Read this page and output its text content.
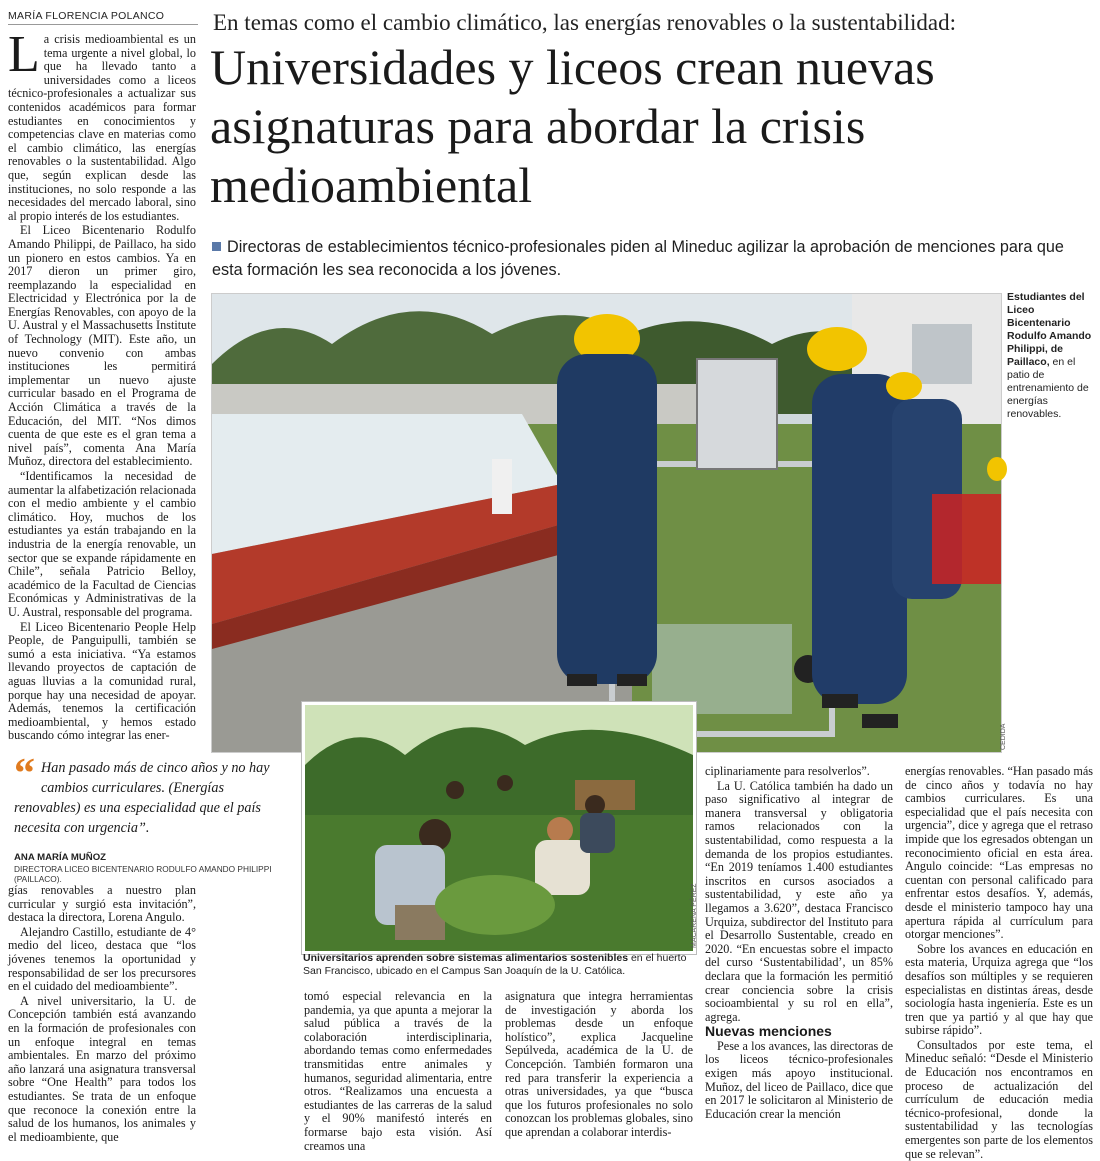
MARÍA FLORENCIA POLANCO

La crisis medioambiental es un tema urgente a nivel global, lo que ha llevado tanto a universidades como a liceos técnico-profesionales a actualizar sus contenidos académicos para formar estudiantes en conocimientos y competencias clave en materias como el cambio climático, las energías renovables o la sustentabilidad. Algo que, según explican desde las instituciones, no solo responde a las necesidades del mercado laboral, sino al propio interés de los estudiantes.

El Liceo Bicentenario Rodulfo Amando Philippi, de Paillaco, ha sido un pionero en estos cambios. Ya en 2017 dieron un primer giro, reemplazando la especialidad en Electricidad y Electrónica por la de Energías Renovables, con apoyo de la U. Austral y el Massachusetts Institute of Technology (MIT). Este año, un nuevo convenio con ambas instituciones les permitirá implementar un nuevo ajuste curricular basado en el Programa de Acción Climática a través de la Educación, del MIT. “Nos dimos cuenta de que este es el gran tema a nivel país”, comenta Ana María Muñoz, directora del establecimiento.

“Identificamos la necesidad de aumentar la alfabetización relacionada con el medio ambiente y el cambio climático. Hoy, muchos de los estudiantes ya están trabajando en la industria de la energía renovable, un sector que se expande rápidamente en Chile”, señala Patricio Belloy, académico de la Facultad de Ciencias Económicas y Administrativas de la U. Austral, responsable del programa.

El Liceo Bicentenario People Help People, de Panguipulli, también se sumó a esta iniciativa. “Ya estamos llevando proyectos de captación de aguas lluvias a la comunidad rural, porque hay una necesidad de apoyar. Además, tenemos la certificación medioambiental, y hemos estado buscando cómo integrar las ener-

En temas como el cambio climático, las energías renovables o la sustentabilidad:
Universidades y liceos crean nuevas asignaturas para abordar la crisis medioambiental
Directoras de establecimientos técnico-profesionales piden al Mineduc agilizar la aprobación de menciones para que esta formación les sea reconocida a los jóvenes.
CEDIDA
Estudiantes del Liceo Bicentenario Rodulfo Amando Philippi, de Paillaco, en el patio de entrenamiento de energías renovables.
MACARENA PÉREZ
Universitarios aprenden sobre sistemas alimentarios sostenibles en el huerto San Francisco, ubicado en el Campus San Joaquín de la U. Católica.
“ Han pasado más de cinco años y no hay cambios curriculares. (Energías renovables) es una especialidad que el país necesita con urgencia”.
ANA MARÍA MUÑOZ
DIRECTORA LICEO BICENTENARIO RODULFO AMANDO PHILIPPI (PAILLACO).

gías renovables a nuestro plan curricular y surgió esta invitación”, destaca la directora, Lorena Angulo.

Alejandro Castillo, estudiante de 4° medio del liceo, destaca que “los jóvenes tenemos la oportunidad y responsabilidad de ser los precursores en el cuidado del medioambiente”.

A nivel universitario, la U. de Concepción también está avanzando en la formación de profesionales con un enfoque integral en temas ambientales. En marzo del próximo año lanzará una asignatura transversal sobre “One Health” para todos los estudiantes. Se trata de un enfoque que reconoce la conexión entre la salud de los humanos, los animales y el medioambiente, que

tomó especial relevancia en la pandemia, ya que apunta a mejorar la salud pública a través de la colaboración interdisciplinaria, abordando temas como enfermedades transmitidas entre animales y humanos, seguridad alimentaria, entre otros. “Realizamos una encuesta a estudiantes de las carreras de la salud y el 90% manifestó interés en formarse bajo esta visión. Así creamos una

asignatura que integra herramientas de investigación y aborda los problemas desde un enfoque holístico”, explica Jacqueline Sepúlveda, académica de la U. de Concepción. También formaron una red para transferir la experiencia a otras universidades, ya que “busca que los futuros profesionales no solo conozcan los problemas globales, sino que aprendan a colaborar interdis-

ciplinariamente para resolverlos”.

La U. Católica también ha dado un paso significativo al integrar de manera transversal y obligatoria ramos relacionados con la sustentabilidad, como respuesta a la demanda de los propios estudiantes. “En 2019 teníamos 1.400 estudiantes inscritos en cursos asociados a sustentabilidad, y este año ya llegamos a 3.620”, destaca Francisco Urquiza, subdirector del Instituto para el Desarrollo Sustentable, creado en 2020. “En encuestas sobre el impacto del curso ‘Sustentabilidad’, un 85% declara que la formación les permitió crear conciencia sobre la crisis socioambiental y su rol en ella”, agrega.

Nuevas menciones

Pese a los avances, las directoras de los liceos técnico-profesionales exigen más apoyo institucional. Muñoz, del liceo de Paillaco, dice que en 2017 le solicitaron al Ministerio de Educación crear la mención

energías renovables. “Han pasado más de cinco años y todavía no hay cambios curriculares. Es una especialidad que el país necesita con urgencia”, dice y agrega que el retraso impide que los egresados obtengan un reconocimiento oficial en esta área. Angulo coincide: “Las empresas no cuentan con personal calificado para enfrentar estos desafíos. Y, además, desde el ministerio tampoco hay una apertura rápida al currículum para otorgar menciones”.

Sobre los avances en educación en esta materia, Urquiza agrega que “los desafíos son múltiples y se requieren especialistas en distintas áreas, desde sociología hasta ingeniería. Este es un tren que ya partió y al que hay que subirse rápido”.

Consultados por este tema, el Mineduc señaló: “Desde el Ministerio de Educación nos encontramos en proceso de actualización del currículum de educación media técnico-profesional, donde la sustentabilidad y las tecnologías emergentes son parte de los elementos que se relevan”.
